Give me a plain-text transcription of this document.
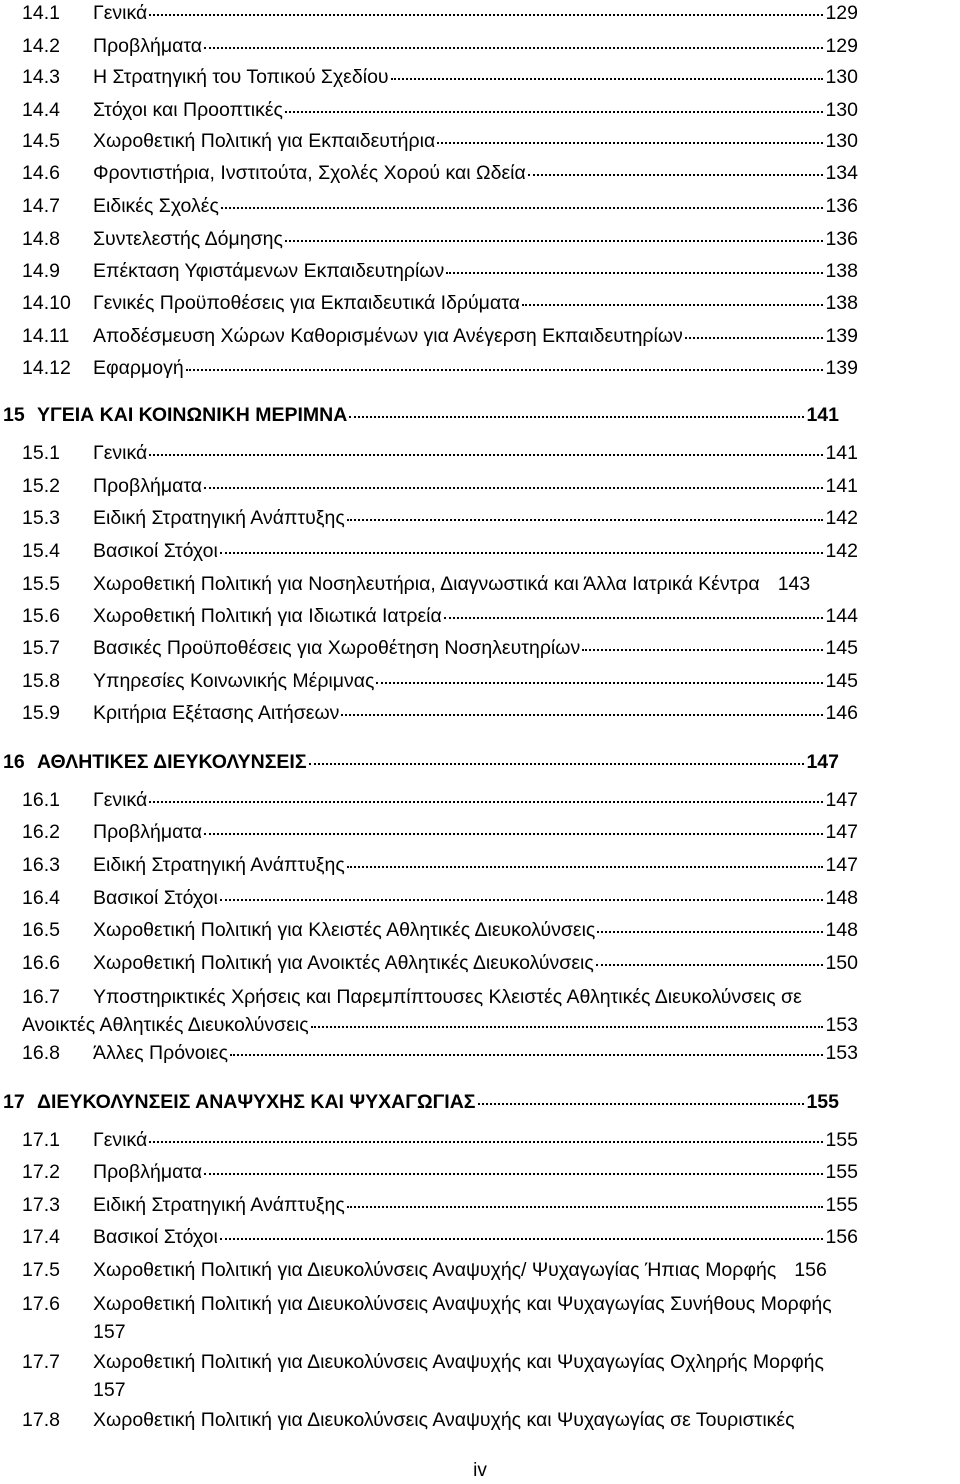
14.1	Γενικά	129
14.2	Προβλήματα	129
14.3	Η Στρατηγική του Τοπικού Σχεδίου	130
14.4	Στόχοι και Προοπτικές	130
14.5	Χωροθετική Πολιτική για Εκπαιδευτήρια	130
14.6	Φροντιστήρια, Ινστιτούτα, Σχολές Χορού και Ωδεία	134
14.7	Ειδικές Σχολές	136
14.8	Συντελεστής Δόμησης	136
14.9	Επέκταση Υφιστάμενων Εκπαιδευτηρίων	138
14.10	Γενικές Προϋποθέσεις για Εκπαιδευτικά Ιδρύματα	138
14.11	Αποδέσμευση Χώρων Καθορισμένων για Ανέγερση Εκπαιδευτηρίων	139
14.12	Εφαρμογή	139
15 ΥΓΕΙΑ ΚΑΙ ΚΟΙΝΩΝΙΚΗ ΜΕΡΙΜΝΑ	141
15.1	Γενικά	141
15.2	Προβλήματα	141
15.3	Ειδική Στρατηγική Ανάπτυξης	142
15.4	Βασικοί Στόχοι	142
15.5	Χωροθετική Πολιτική για Νοσηλευτήρια, Διαγνωστικά και Άλλα Ιατρικά Κέντρα 143
15.6	Χωροθετική Πολιτική για Ιδιωτικά Ιατρεία	144
15.7	Βασικές Προϋποθέσεις για Χωροθέτηση Νοσηλευτηρίων	145
15.8	Υπηρεσίες Κοινωνικής Μέριμνας	145
15.9	Κριτήρια Εξέτασης Αιτήσεων	146
16 ΑΘΛΗΤΙΚΕΣ ΔΙΕΥΚΟΛΥΝΣΕΙΣ	147
16.1	Γενικά	147
16.2	Προβλήματα	147
16.3	Ειδική Στρατηγική Ανάπτυξης	147
16.4	Βασικοί Στόχοι	148
16.5	Χωροθετική Πολιτική για Κλειστές Αθλητικές Διευκολύνσεις	148
16.6	Χωροθετική Πολιτική για Ανοικτές Αθλητικές Διευκολύνσεις	150
16.7	Υποστηρικτικές Χρήσεις και Παρεμπίπτουσες Κλειστές Αθλητικές Διευκολύνσεις σε
Ανοικτές Αθλητικές Διευκολύνσεις	153
16.8	Άλλες Πρόνοιες	153
17 ΔΙΕΥΚΟΛΥΝΣΕΙΣ ΑΝΑΨΥΧΗΣ ΚΑΙ ΨΥΧΑΓΩΓΙΑΣ	155
17.1	Γενικά	155
17.2	Προβλήματα	155
17.3	Ειδική Στρατηγική Ανάπτυξης	155
17.4	Βασικοί Στόχοι	156
17.5	Χωροθετική Πολιτική για Διευκολύνσεις Αναψυχής/ Ψυχαγωγίας Ήπιας Μορφής 156
17.6	Χωροθετική Πολιτική για Διευκολύνσεις Αναψυχής και Ψυχαγωγίας Συνήθους Μορφής
157
17.7	Χωροθετική Πολιτική για Διευκολύνσεις Αναψυχής και Ψυχαγωγίας Οχληρής Μορφής
157
17.8	Χωροθετική Πολιτική για Διευκολύνσεις Αναψυχής και Ψυχαγωγίας σε Τουριστικές
iv
